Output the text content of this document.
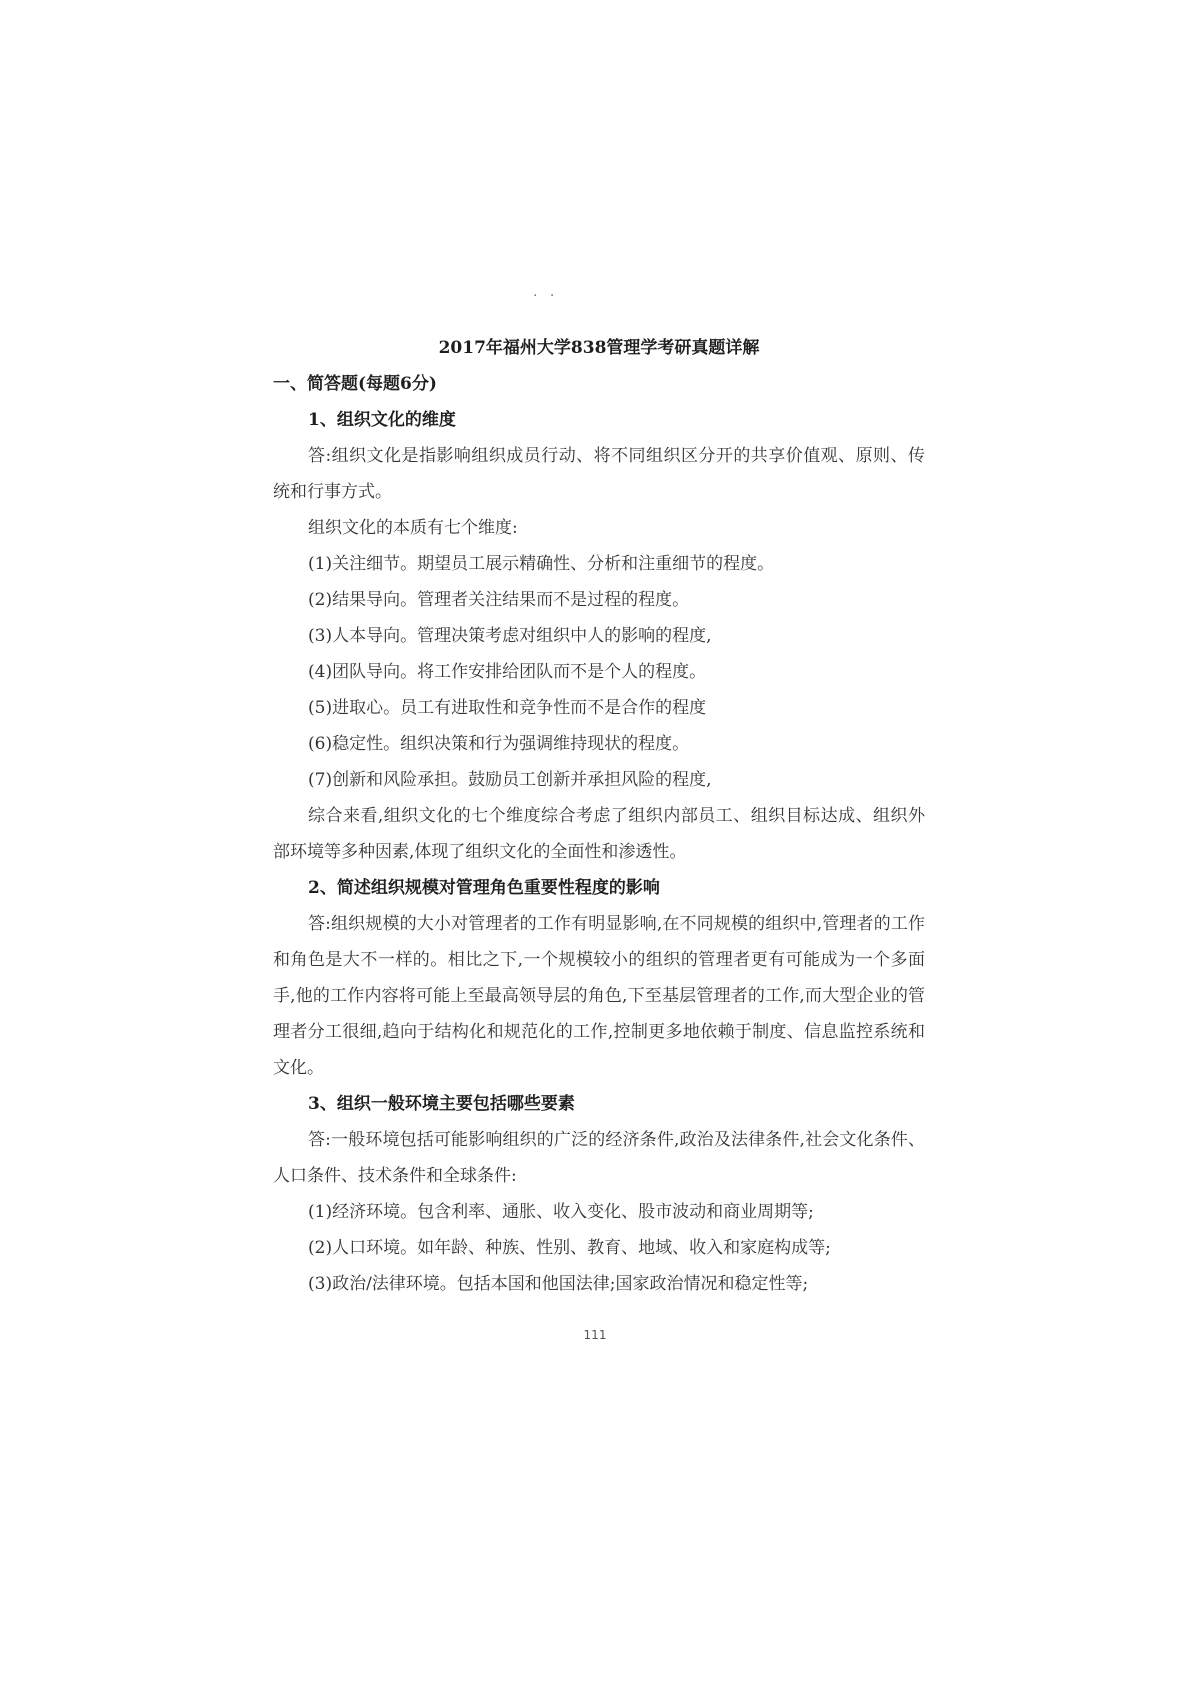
· ·
2017年福州大学838管理学考研真题详解
一、简答题(每题6分)
1、组织文化的维度

答:组织文化是指影响组织成员行动、将不同组织区分开的共享价值观、原则、传统和行事方式。

组织文化的本质有七个维度:

(1)关注细节。期望员工展示精确性、分析和注重细节的程度。

(2)结果导向。管理者关注结果而不是过程的程度。

(3)人本导向。管理决策考虑对组织中人的影响的程度,

(4)团队导向。将工作安排给团队而不是个人的程度。

(5)进取心。员工有进取性和竞争性而不是合作的程度

(6)稳定性。组织决策和行为强调维持现状的程度。

(7)创新和风险承担。鼓励员工创新并承担风险的程度,

综合来看,组织文化的七个维度综合考虑了组织内部员工、组织目标达成、组织外部环境等多种因素,体现了组织文化的全面性和渗透性。

2、简述组织规模对管理角色重要性程度的影响

答:组织规模的大小对管理者的工作有明显影响,在不同规模的组织中,管理者的工作和角色是大不一样的。相比之下,一个规模较小的组织的管理者更有可能成为一个多面手,他的工作内容将可能上至最高领导层的角色,下至基层管理者的工作,而大型企业的管理者分工很细,趋向于结构化和规范化的工作,控制更多地依赖于制度、信息监控系统和文化。

3、组织一般环境主要包括哪些要素

答:一般环境包括可能影响组织的广泛的经济条件,政治及法律条件,社会文化条件、人口条件、技术条件和全球条件:

(1)经济环境。包含利率、通胀、收入变化、股市波动和商业周期等;

(2)人口环境。如年龄、种族、性别、教育、地域、收入和家庭构成等;

(3)政治/法律环境。包括本国和他国法律;国家政治情况和稳定性等;

111
